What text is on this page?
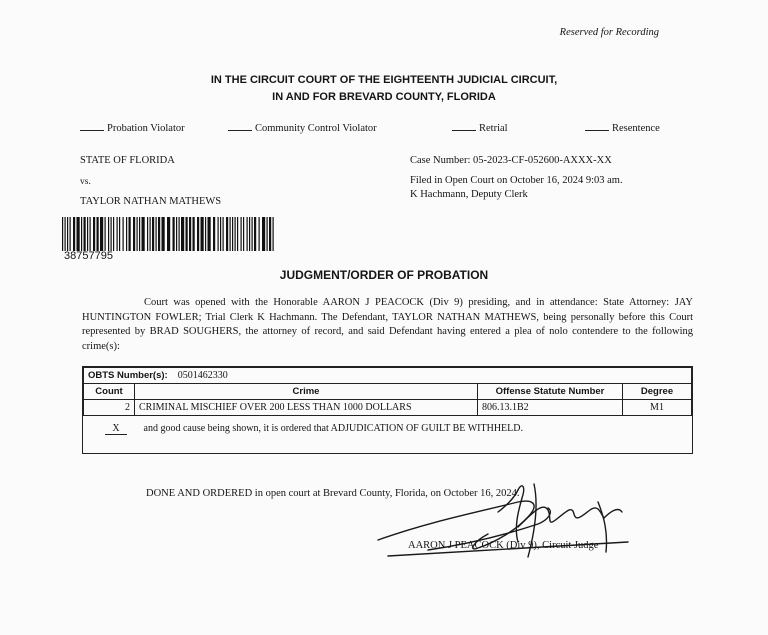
Reserved for Recording
IN THE CIRCUIT COURT OF THE EIGHTEENTH JUDICIAL CIRCUIT,
IN AND FOR BREVARD COUNTY, FLORIDA
Probation Violator	Community Control Violator	Retrial	Resentence
STATE OF FLORIDA
vs.
TAYLOR NATHAN MATHEWS
Case Number: 05-2023-CF-052600-AXXX-XX
Filed in Open Court on October 16, 2024 9:03 am.
K Hachmann, Deputy Clerk
38757795
JUDGMENT/ORDER OF PROBATION

Court was opened with the Honorable AARON J PEACOCK (Div 9) presiding, and in attendance: State Attorney: JAY HUNTINGTON FOWLER; Trial Clerk K Hachmann. The Defendant, TAYLOR NATHAN MATHEWS, being personally before this Court represented by BRAD SOUGHERS, the attorney of record, and said Defendant having entered a plea of nolo contendere to the following crime(s):

OBTS Number(s): 0501462330			
Count	Crime	Offense Statute Number	Degree
2	CRIMINAL MISCHIEF OVER 200 LESS THAN 1000 DOLLARS	806.13.1B2	M1
X and good cause being shown, it is ordered that ADJUDICATION OF GUILT BE WITHHELD.
DONE AND ORDERED in open court at Brevard County, Florida, on October 16, 2024.
AARON J PEACOCK (Div 9), Circuit Judge
